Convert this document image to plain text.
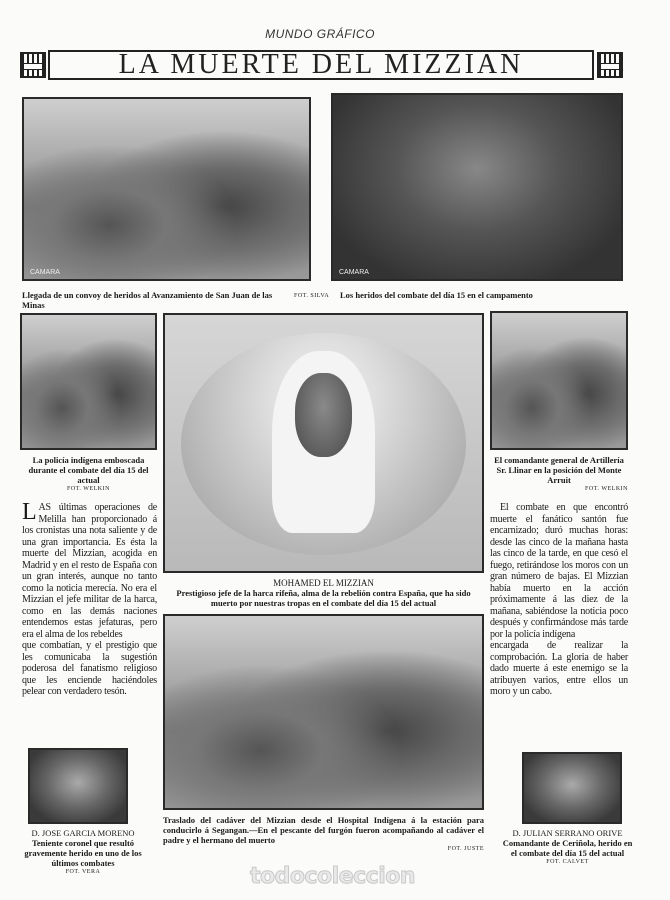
MUNDO GRÁFICO
LA MUERTE DEL MIZZIAN
CAMARA	CAMARA
Llegada de un convoy de heridos al Avanzamiento de San Juan de las Minas
FOT. SILVA Los heridos del combate del día 15 en el campamento
La policía indígena emboscada durante el combate del día 15 del actual
FOT. WELKIN
El comandante general de Artillería Sr. Llinar en la posición del Monte Arruit
FOT. WELKIN
MOHAMED EL MIZZIAN
Prestigioso jefe de la harca rifeña, alma de la rebelión contra España, que ha sido muerto por nuestras tropas en el combate del día 15 del actual
LAS últimas operaciones de Melilla han proporcionado á los cronistas una nota saliente y de una gran importancia. Es ésta la muerte del Mizzian, acogida en Madrid y en el resto de España con un gran interés, aunque no tanto como la noticia merecía. No era el Mizzian el jefe militar de la harca, como en las demás naciones entendemos estas jefaturas, pero era el alma de los rebeldes
que combatían, y el prestigio que les comunicaba la sugestión poderosa del fanatismo religioso que les enciende haciéndoles pelear con verdadero tesón.
El combate en que encontró muerte el fanático santón fue encarnizado; duró muchas horas: desde las cinco de la mañana hasta las cinco de la tarde, en que cesó el fuego, retirándose los moros con un gran número de bajas. El Mizzian había muerto en la acción próximamente á las diez de la mañana, sabiéndose la noticia poco después y confirmándose más tarde por la policía indígena
encargada de realizar la comprobación. La gloria de haber dado muerte á este enemigo se la atribuyen varios, entre ellos un moro y un cabo.
D. JOSE GARCIA MORENO
Teniente coronel que resultó gravemente herido en uno de los últimos combates
FOT. VERA
Traslado del cadáver del Mizzian desde el Hospital Indígena á la estación para conducirlo á Segangan.—En el pescante del furgón fueron acompañando al cadáver el padre y el hermano del muerto
FOT. JUSTE
D. JULIAN SERRANO ORIVE
Comandante de Ceriñola, herido en el combate del día 15 del actual
FOT. CALVET
todocoleccion
